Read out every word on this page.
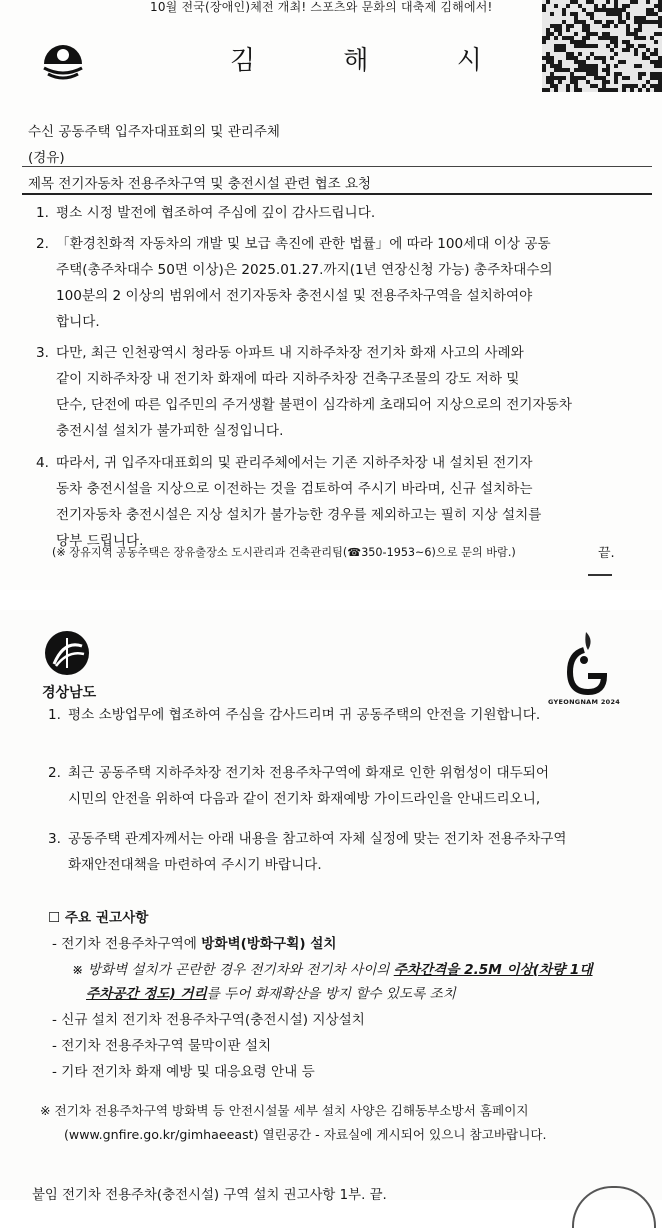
10월 전국(장애인)체전 개최! 스포츠와 문화의 대축제 김해에서!
김 해 시
수신 공동주택 입주자대표회의 및 관리주체
(경유)
제목 전기자동차 전용주차구역 및 충전시설 관련 협조 요청
1. 평소 시정 발전에 협조하여 주심에 깊이 감사드립니다.
2. 「환경친화적 자동차의 개발 및 보급 촉진에 관한 법률」에 따라 100세대 이상 공동
주택(총주차대수 50면 이상)은 2025.01.27.까지(1년 연장신청 가능) 총주차대수의
100분의 2 이상의 범위에서 전기자동차 충전시설 및 전용주차구역을 설치하여야
합니다.
3. 다만, 최근 인천광역시 청라동 아파트 내 지하주차장 전기차 화재 사고의 사례와
같이 지하주차장 내 전기차 화재에 따라 지하주차장 건축구조물의 강도 저하 및
단수, 단전에 따른 입주민의 주거생활 불편이 심각하게 초래되어 지상으로의 전기자동차
충전시설 설치가 불가피한 실정입니다.
4. 따라서, 귀 입주자대표회의 및 관리주체에서는 기존 지하주차장 내 설치된 전기자
동차 충전시설을 지상으로 이전하는 것을 검토하여 주시기 바라며, 신규 설치하는
전기자동차 충전시설은 지상 설치가 불가능한 경우를 제외하고는 필히 지상 설치를
당부 드립니다.
(※ 장유지역 공동주택은 장유출장소 도시관리과 건축관리팀(☎350-1953~6)으로 문의 바람.)	끝.
경상남도
GYEONGNAM 2024
1. 평소 소방업무에 협조하여 주심을 감사드리며 귀 공동주택의 안전을 기원합니다.
2. 최근 공동주택 지하주차장 전기차 전용주차구역에 화재로 인한 위험성이 대두되어
시민의 안전을 위하여 다음과 같이 전기차 화재예방 가이드라인을 안내드리오니,
3. 공동주택 관계자께서는 아래 내용을 참고하여 자체 실정에 맞는 전기차 전용주차구역
화재안전대책을 마련하여 주시기 바랍니다.
☐ 주요 권고사항
- 전기차 전용주차구역에 방화벽(방화구획) 설치
※ 방화벽 설치가 곤란한 경우 전기차와 전기차 사이의 주차간격을 2.5M 이상(차량 1대
주차공간 정도) 거리를 두어 화재확산을 방지 할수 있도록 조치
- 신규 설치 전기차 전용주차구역(충전시설) 지상설치
- 전기차 전용주차구역 물막이판 설치
- 기타 전기차 화재 예방 및 대응요령 안내 등
※ 전기차 전용주차구역 방화벽 등 안전시설물 세부 설치 사양은 김해동부소방서 홈페이지
(www.gnfire.go.kr/gimhaeeast) 열린공간 - 자료실에 게시되어 있으니 참고바랍니다.
붙임 전기차 전용주차(충전시설) 구역 설치 권고사항 1부. 끝.
